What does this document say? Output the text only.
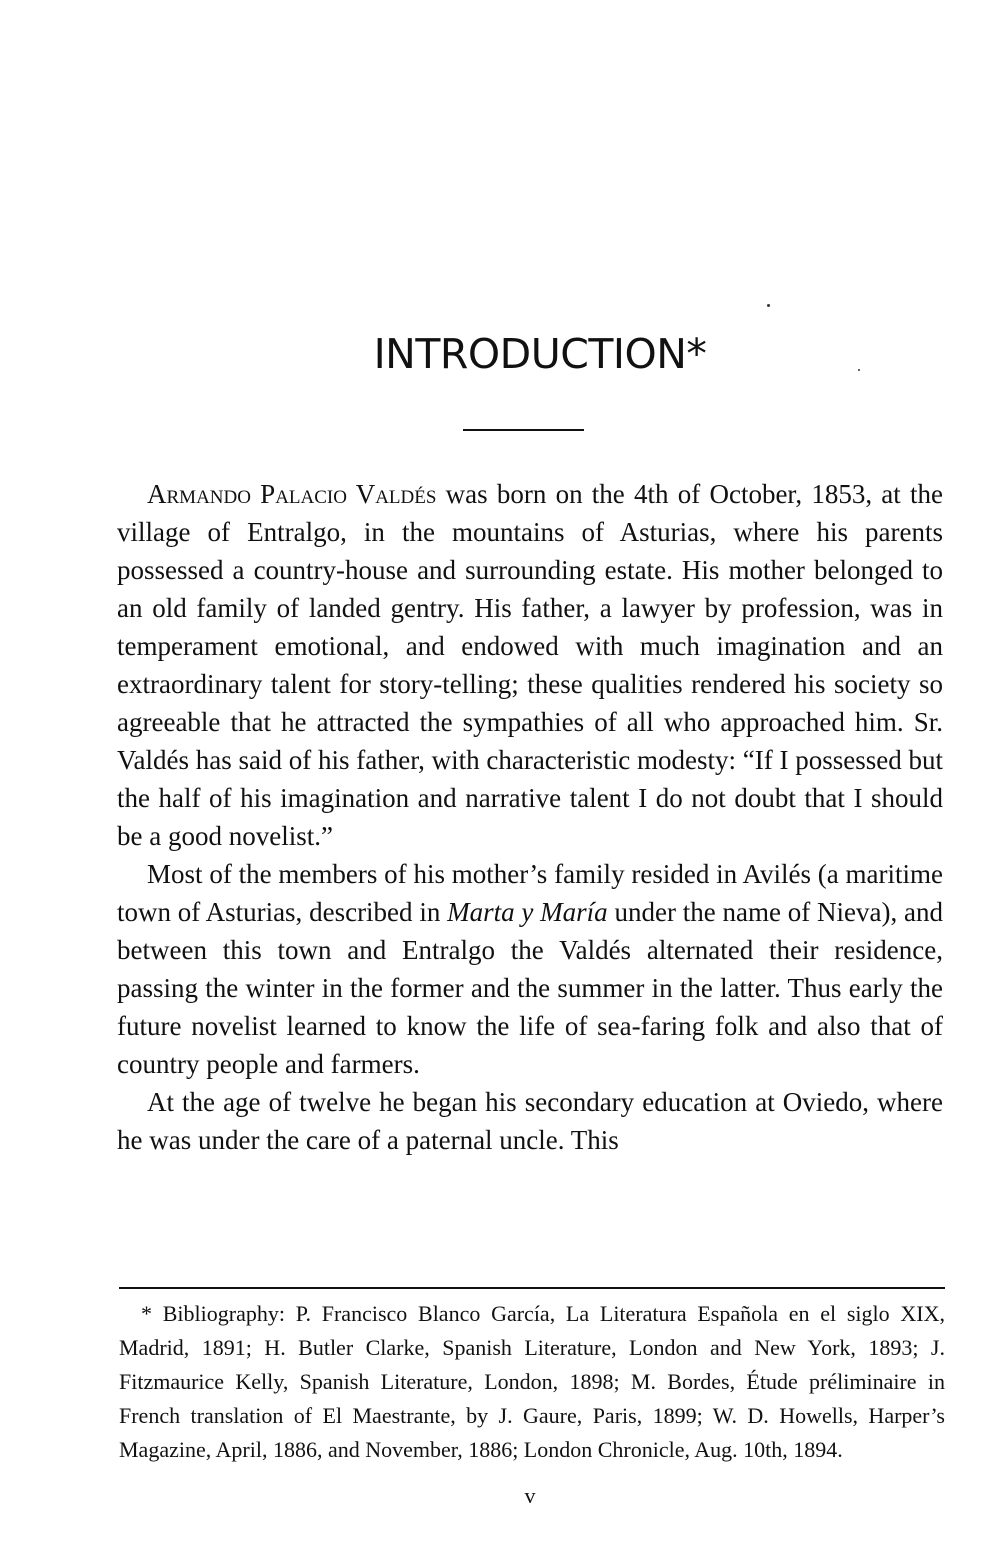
INTRODUCTION*

Armando Palacio Valdés was born on the 4th of October, 1853, at the village of Entralgo, in the mountains of Asturias, where his parents possessed a country-house and surrounding estate. His mother belonged to an old family of landed gentry. His father, a lawyer by profession, was in temperament emotional, and endowed with much imagination and an extraordinary talent for story-telling; these qualities rendered his society so agreeable that he attracted the sympathies of all who approached him. Sr. Valdés has said of his father, with characteristic modesty: “If I possessed but the half of his imagination and narrative talent I do not doubt that I should be a good novelist.”

Most of the members of his mother’s family resided in Avilés (a maritime town of Asturias, described in Marta y María under the name of Nieva), and between this town and Entralgo the Valdés alternated their residence, passing the winter in the former and the summer in the latter. Thus early the future novelist learned to know the life of sea-faring folk and also that of country people and farmers.

At the age of twelve he began his secondary education at Oviedo, where he was under the care of a paternal uncle. This

* Bibliography: P. Francisco Blanco García, La Literatura Española en el siglo XIX, Madrid, 1891; H. Butler Clarke, Spanish Literature, London and New York, 1893; J. Fitzmaurice Kelly, Spanish Literature, London, 1898; M. Bordes, Étude préliminaire in French translation of El Maestrante, by J. Gaure, Paris, 1899; W. D. Howells, Harper’s Magazine, April, 1886, and November, 1886; London Chronicle, Aug. 10th, 1894.

v
